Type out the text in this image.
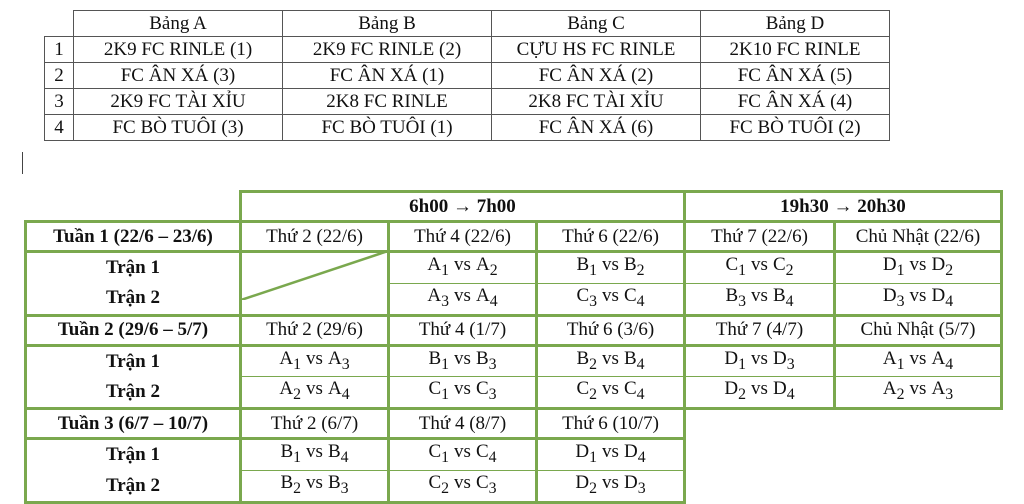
	Bảng A	Bảng B	Bảng C	Bảng D
1	2K9 FC RINLE (1)	2K9 FC RINLE (2)	CỰU HS FC RINLE	2K10 FC RINLE
2	FC ÂN XÁ (3)	FC ÂN XÁ (1)	FC ÂN XÁ (2)	FC ÂN XÁ (5)
3	2K9 FC TÀI XỈU	2K8 FC RINLE	2K8 FC TÀI XỈU	FC ÂN XÁ (4)
4	FC BÒ TUÔI (3)	FC BÒ TUÔI (1)	FC ÂN XÁ (6)	FC BÒ TUÔI (2)
	6h00 → 7h00			19h30 → 20h30	
Tuần 1 (22/6 – 23/6)	Thứ 2 (22/6)	Thứ 4 (22/6)	Thứ 6 (22/6)	Thứ 7 (22/6)	Chủ Nhật (22/6)
Trận 1		$A_1$ vs $A_2$	$B_1$ vs $B_2$	$C_1$ vs $C_2$	$D_1$ vs $D_2$
Trận 2		$A_3$ vs $A_4$	$C_3$ vs $C_4$	$B_3$ vs $B_4$	$D_3$ vs $D_4$
Tuần 2 (29/6 – 5/7)	Thứ 2 (29/6)	Thứ 4 (1/7)	Thứ 6 (3/6)	Thứ 7 (4/7)	Chủ Nhật (5/7)
Trận 1	$A_1$ vs $A_3$	$B_1$ vs $B_3$	$B_2$ vs $B_4$	$D_1$ vs $D_3$	$A_1$ vs $A_4$
Trận 2	$A_2$ vs $A_4$	$C_1$ vs $C_3$	$C_2$ vs $C_4$	$D_2$ vs $D_4$	$A_2$ vs $A_3$
Tuần 3 (6/7 – 10/7)	Thứ 2 (6/7)	Thứ 4 (8/7)	Thứ 6 (10/7)		
Trận 1	$B_1$ vs $B_4$	$C_1$ vs $C_4$	$D_1$ vs $D_4$		
Trận 2	$B_2$ vs $B_3$	$C_2$ vs $C_3$	$D_2$ vs $D_3$		
